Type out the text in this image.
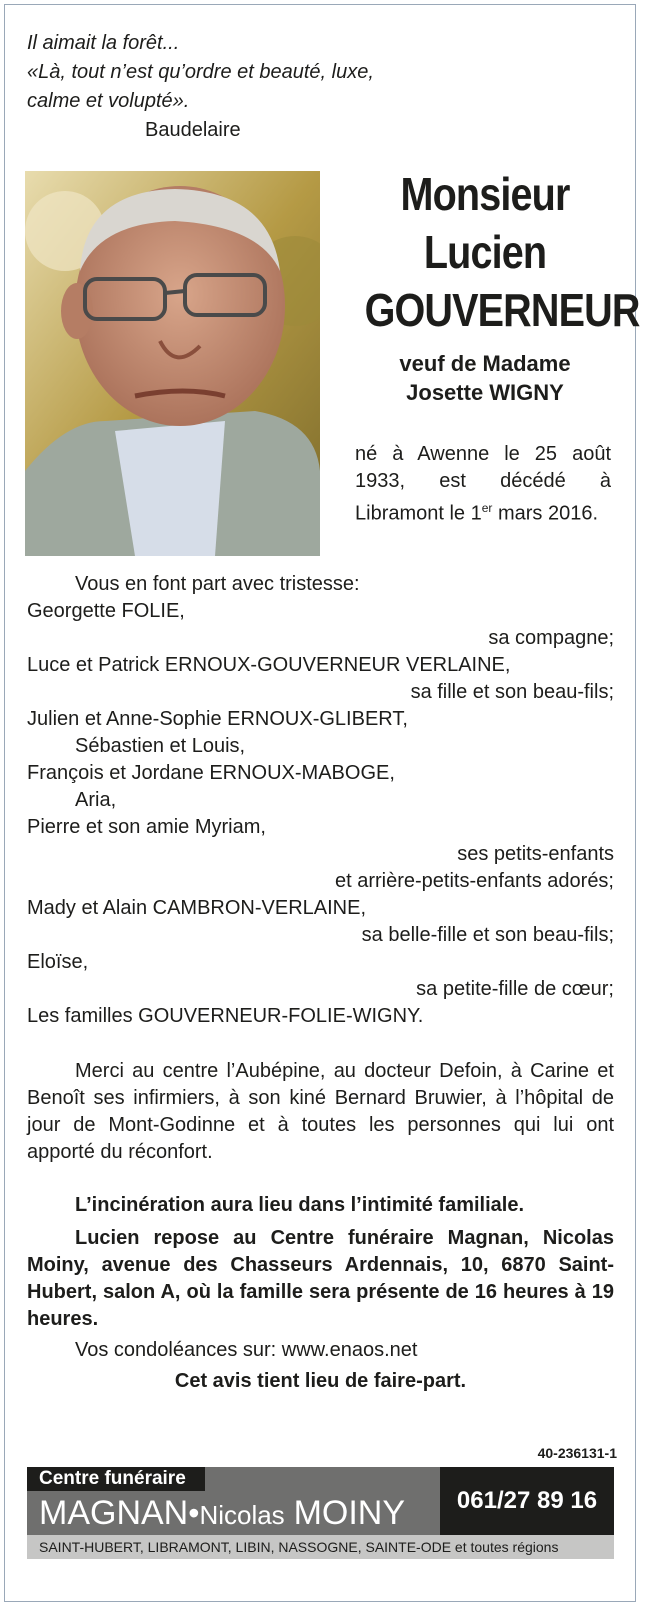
Il aimait la forêt...
«Là, tout n’est qu’ordre et beauté, luxe,
calme et volupté».
Baudelaire
Monsieur
Lucien
GOUVERNEUR
veuf de Madame
Josette WIGNY
né à Awenne le 25 août 1933, est décédé à Libramont le 1er mars 2016.
Vous en font part avec tristesse:
Georgette FOLIE,
sa compagne;
Luce et Patrick ERNOUX-GOUVERNEUR VERLAINE,
sa fille et son beau-fils;
Julien et Anne-Sophie ERNOUX-GLIBERT,
Sébastien et Louis,
François et Jordane ERNOUX-MABOGE,
Aria,
Pierre et son amie Myriam,
ses petits-enfants
et arrière-petits-enfants adorés;
Mady et Alain CAMBRON-VERLAINE,
sa belle-fille et son beau-fils;
Eloïse,
sa petite-fille de cœur;
Les familles GOUVERNEUR-FOLIE-WIGNY.
Merci au centre l’Aubépine, au docteur Defoin, à Carine et Benoît ses infirmiers, à son kiné Bernard Bruwier, à l’hôpital de jour de Mont-Godinne et à toutes les personnes qui lui ont apporté du réconfort.
L’incinération aura lieu dans l’intimité familiale.
Lucien repose au Centre funéraire Magnan, Nicolas Moiny, avenue des Chasseurs Ardennais, 10, 6870 Saint-Hubert, salon A, où la famille sera présente de 16 heures à 19 heures.
Vos condoléances sur: www.enaos.net
Cet avis tient lieu de faire-part.
40-236131-1
Centre funéraire
MAGNAN•Nicolas MOINY	061/27 89 16
SAINT-HUBERT, LIBRAMONT, LIBIN, NASSOGNE, SAINTE-ODE et toutes régions
